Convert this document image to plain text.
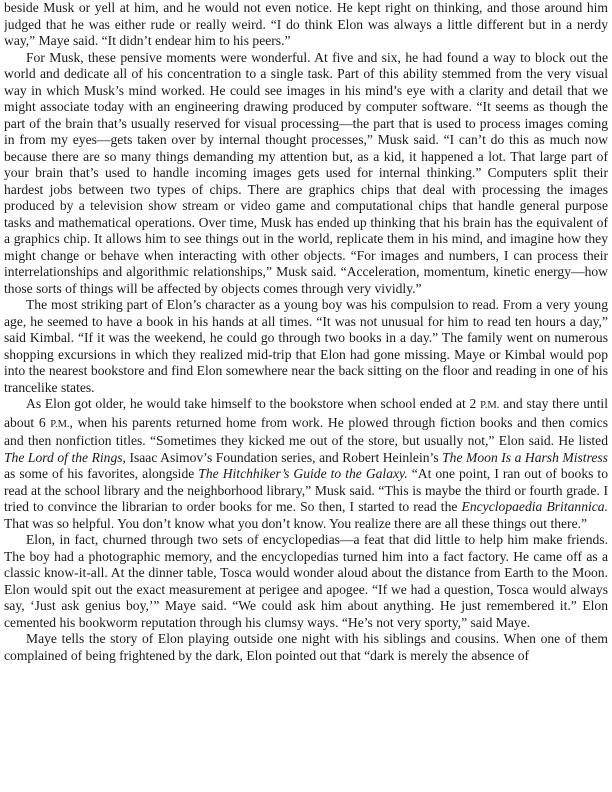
beside Musk or yell at him, and he would not even notice. He kept right on thinking, and those around him judged that he was either rude or really weird. “I do think Elon was always a little different but in a nerdy way,” Maye said. “It didn’t endear him to his peers.”

For Musk, these pensive moments were wonderful. At five and six, he had found a way to block out the world and dedicate all of his concentration to a single task. Part of this ability stemmed from the very visual way in which Musk’s mind worked. He could see images in his mind’s eye with a clarity and detail that we might associate today with an engineering drawing produced by computer software. “It seems as though the part of the brain that’s usually reserved for visual processing—the part that is used to process images coming in from my eyes—gets taken over by internal thought processes,” Musk said. “I can’t do this as much now because there are so many things demanding my attention but, as a kid, it happened a lot. That large part of your brain that’s used to handle incoming images gets used for internal thinking.” Computers split their hardest jobs between two types of chips. There are graphics chips that deal with processing the images produced by a television show stream or video game and computational chips that handle general purpose tasks and mathematical operations. Over time, Musk has ended up thinking that his brain has the equivalent of a graphics chip. It allows him to see things out in the world, replicate them in his mind, and imagine how they might change or behave when interacting with other objects. “For images and numbers, I can process their interrelationships and algorithmic relationships,” Musk said. “Acceleration, momentum, kinetic energy—how those sorts of things will be affected by objects comes through very vividly.”

The most striking part of Elon’s character as a young boy was his compulsion to read. From a very young age, he seemed to have a book in his hands at all times. “It was not unusual for him to read ten hours a day,” said Kimbal. “If it was the weekend, he could go through two books in a day.” The family went on numerous shopping excursions in which they realized mid-trip that Elon had gone missing. Maye or Kimbal would pop into the nearest bookstore and find Elon somewhere near the back sitting on the floor and reading in one of his trancelike states.

As Elon got older, he would take himself to the bookstore when school ended at 2 P.M. and stay there until about 6 P.M., when his parents returned home from work. He plowed through fiction books and then comics and then nonfiction titles. “Sometimes they kicked me out of the store, but usually not,” Elon said. He listed The Lord of the Rings, Isaac Asimov’s Foundation series, and Robert Heinlein’s The Moon Is a Harsh Mistress as some of his favorites, alongside The Hitchhiker’s Guide to the Galaxy. “At one point, I ran out of books to read at the school library and the neighborhood library,” Musk said. “This is maybe the third or fourth grade. I tried to convince the librarian to order books for me. So then, I started to read the Encyclopaedia Britannica. That was so helpful. You don’t know what you don’t know. You realize there are all these things out there.”

Elon, in fact, churned through two sets of encyclopedias—a feat that did little to help him make friends. The boy had a photographic memory, and the encyclopedias turned him into a fact factory. He came off as a classic know-it-all. At the dinner table, Tosca would wonder aloud about the distance from Earth to the Moon. Elon would spit out the exact measurement at perigee and apogee. “If we had a question, Tosca would always say, ‘Just ask genius boy,’” Maye said. “We could ask him about anything. He just remembered it.” Elon cemented his bookworm reputation through his clumsy ways. “He’s not very sporty,” said Maye.

Maye tells the story of Elon playing outside one night with his siblings and cousins. When one of them complained of being frightened by the dark, Elon pointed out that “dark is merely the absence of
